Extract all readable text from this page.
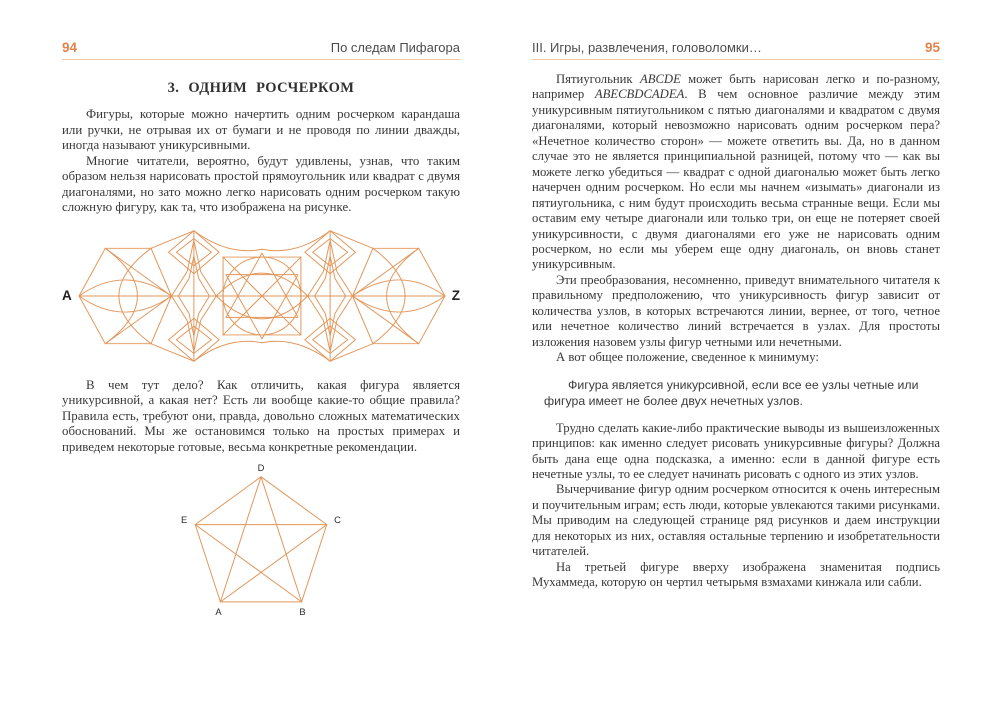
94	По следам Пифагора
3. ОДНИМ РОСЧЕРКОМ

Фигуры, которые можно начертить одним росчерком карандаша или ручки, не отрывая их от бумаги и не проводя по линии дважды, иногда называют уникурсивными.

Многие читатели, вероятно, будут удивлены, узнав, что таким образом нельзя нарисовать простой прямоугольник или квадрат с двумя диагоналями, но зато можно легко нарисовать одним росчерком такую сложную фигуру, как та, что изображена на рисунке.

A	Z

В чем тут дело? Как отличить, какая фигура является уникурсивной, а какая нет? Есть ли вообще какие-то общие правила? Правила есть, требуют они, правда, довольно сложных математических обоснований. Мы же остановимся только на простых примерах и приведем некоторые готовые, весьма конкретные рекомендации.

D
E	C
A	B
III. Игры, развлечения, головоломки…	95

Пятиугольник ABCDE может быть нарисован легко и по-разному, например ABECBDCADEA. В чем основное различие между этим уникурсивным пятиугольником с пятью диагоналями и квадратом с двумя диагоналями, который невозможно нарисовать одним росчерком пера? «Нечетное количество сторон» — можете ответить вы. Да, но в данном случае это не является принципиальной разницей, потому что — как вы можете легко убедиться — квадрат с одной диагональю может быть легко начерчен одним росчерком. Но если мы начнем «изымать» диагонали из пятиугольника, с ним будут происходить весьма странные вещи. Если мы оставим ему четыре диагонали или только три, он еще не потеряет своей уникурсивности, с двумя диагоналями его уже не нарисовать одним росчерком, но если мы уберем еще одну диагональ, он вновь станет уникурсивным.

Эти преобразования, несомненно, приведут внимательного читателя к правильному предположению, что уникурсивность фигур зависит от количества узлов, в которых встречаются линии, вернее, от того, четное или нечетное количество линий встречается в узлах. Для простоты изложения назовем узлы фигур четными или нечетными.

А вот общее положение, сведенное к минимуму:

Фигура является уникурсивной, если все ее узлы четные или фигура имеет не более двух нечетных узлов.

Трудно сделать какие-либо практические выводы из вышеизложенных принципов: как именно следует рисовать уникурсивные фигуры? Должна быть дана еще одна подсказка, а именно: если в данной фигуре есть нечетные узлы, то ее следует начинать рисовать с одного из этих узлов.

Вычерчивание фигур одним росчерком относится к очень интересным и поучительным играм; есть люди, которые увлекаются такими рисунками. Мы приводим на следующей странице ряд рисунков и даем инструкции для некоторых из них, оставляя остальные терпению и изобретательности читателей.

На третьей фигуре вверху изображена знаменитая подпись Мухаммеда, которую он чертил четырьмя взмахами кинжала или сабли.
